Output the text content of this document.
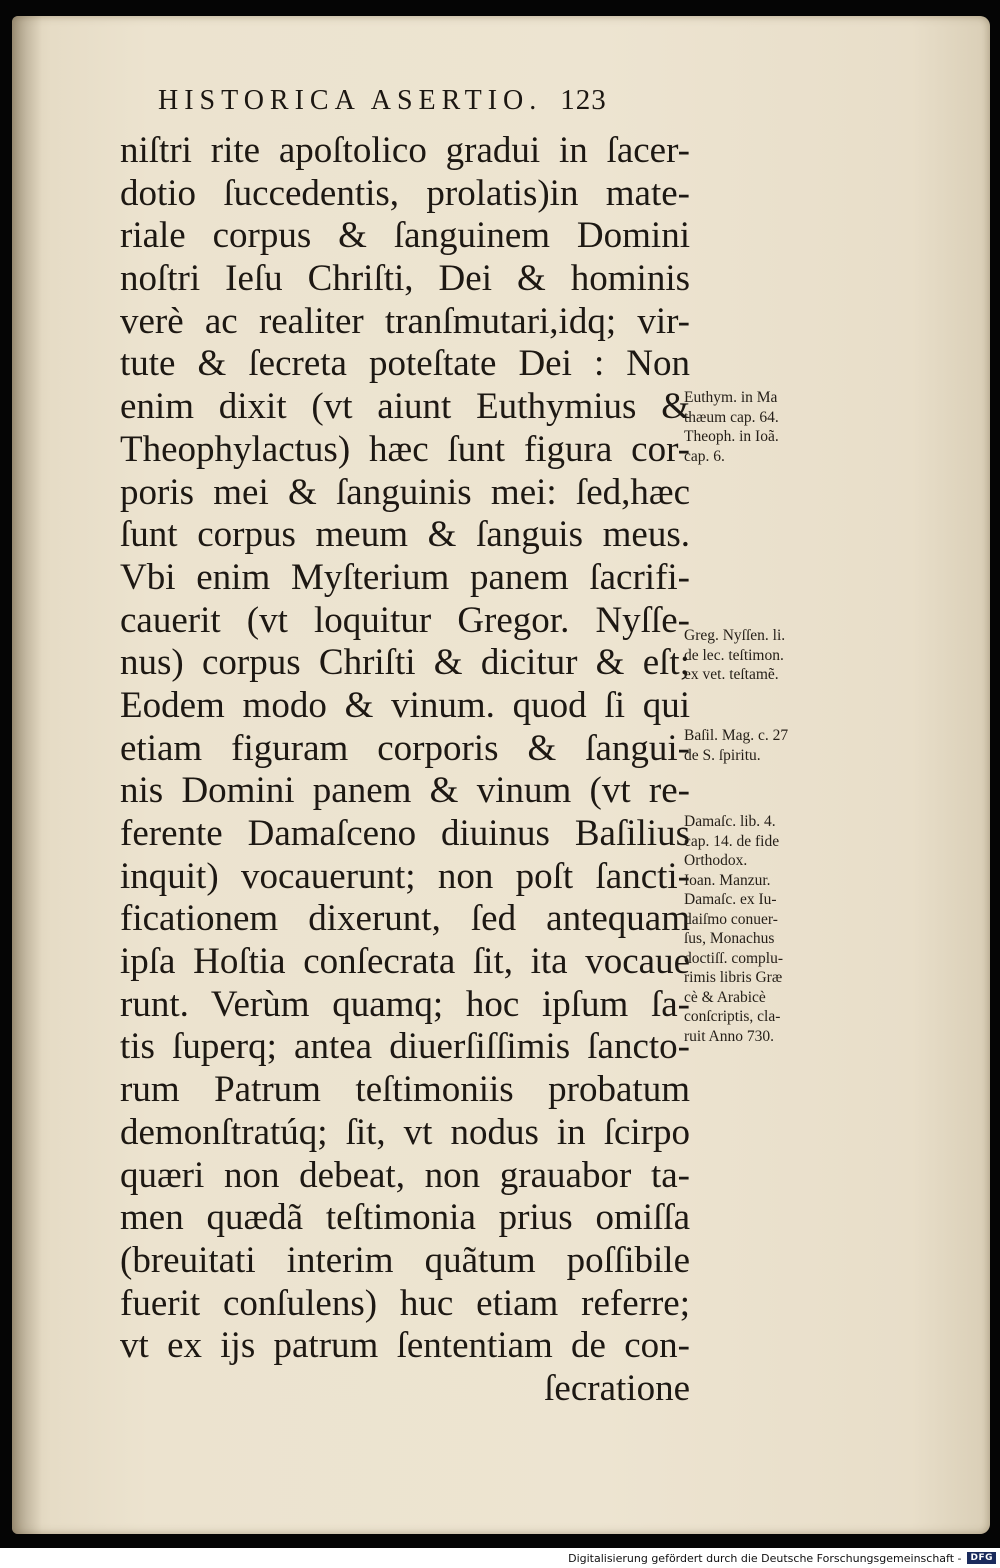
HISTORICA ASERTIO. 123
niſtri rite apoſtolico gradui in ſacer-
dotio ſuccedentis, prolatis)in mate-
riale corpus & ſanguinem Domini
noſtri Ieſu Chriſti, Dei & hominis
verè ac realiter tranſmutari,idq; vir-
tute & ſecreta poteſtate Dei : Non
enim dixit (vt aiunt Euthymius &
Theophylactus) hæc ſunt figura cor-
poris mei & ſanguinis mei: ſed,hæc
ſunt corpus meum & ſanguis meus.
Vbi enim Myſterium panem ſacrifi-
cauerit (vt loquitur Gregor. Nyſſe-
nus) corpus Chriſti & dicitur & eſt;
Eodem modo & vinum. quod ſi qui
etiam figuram corporis & ſangui-
nis Domini panem & vinum (vt re-
ferente Damaſceno diuinus Baſilius
inquit) vocauerunt; non poſt ſancti-
ficationem dixerunt, ſed antequam
ipſa Hoſtia conſecrata ſit, ita vocaue
runt. Verùm quamq; hoc ipſum ſa-
tis ſuperq; antea diuerſiſſimis ſancto-
rum Patrum teſtimoniis probatum
demonſtratúq; ſit, vt nodus in ſcirpo
quæri non debeat, non grauabor ta-
men quædã teſtimonia prius omiſſa
(breuitati interim quãtum poſſibile
fuerit conſulens) huc etiam referre;
vt ex ijs patrum ſententiam de con-
ſecratione
Euthym. in Ma
thæum cap. 64.
Theoph. in Ioã.
cap. 6.
Greg. Nyſſen. li.
de lec. teſtimon.
ex vet. teſtamẽ.
Baſil. Mag. c. 27
de S. ſpiritu.
Damaſc. lib. 4.
cap. 14. de fide
Orthodox.
Ioan. Manzur.
Damaſc. ex Iu-
daiſmo conuer-
ſus, Monachus
doctiſſ. complu-
rimis libris Græ
cè & Arabicè
conſcriptis, cla-
ruit Anno 730.
Digitalisierung gefördert durch die Deutsche Forschungsgemeinschaft -	DFG
